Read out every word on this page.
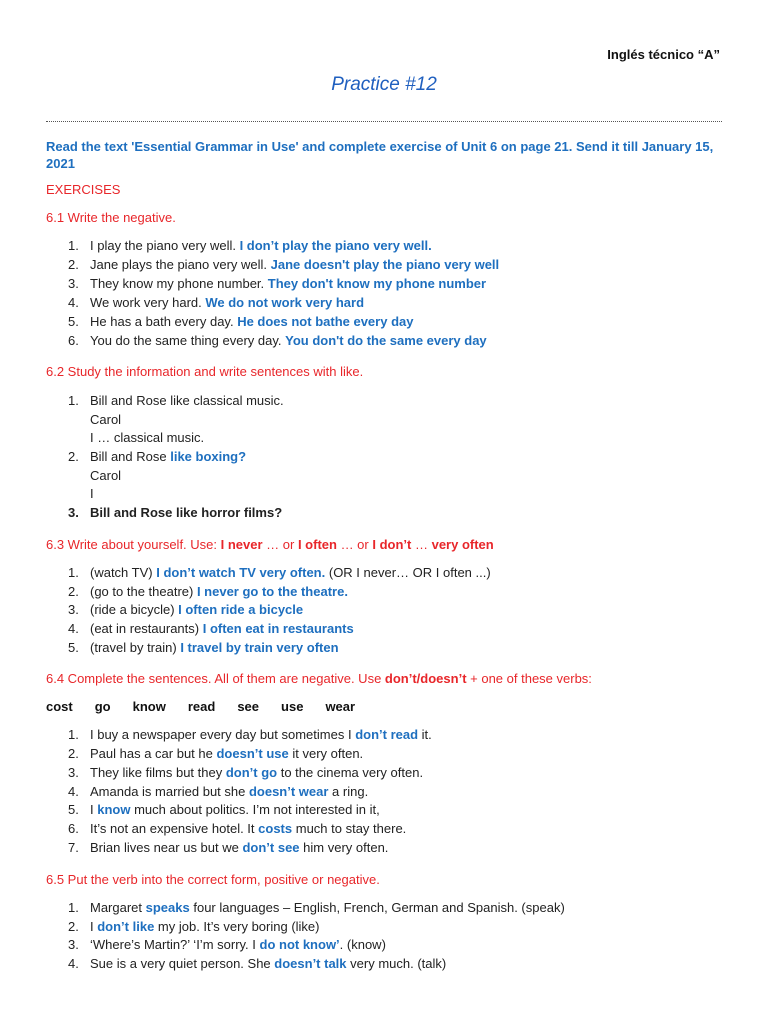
Inglés técnico “A”
Practice #12
Read the text 'Essential Grammar in Use' and complete exercise of Unit 6 on page 21. Send it till January 15, 2021
EXERCISES
6.1 Write the negative.
1. I play the piano very well. I don’t play the piano very well.
2. Jane plays the piano very well. Jane doesn't play the piano very well
3. They know my phone number. They don't know my phone number
4. We work very hard. We do not work very hard
5. He has a bath every day. He does not bathe every day
6. You do the same thing every day. You don't do the same every day
6.2 Study the information and write sentences with like.
1. Bill and Rose like classical music.
Carol
I … classical music.
2. Bill and Rose like boxing?
Carol
I
3. Bill and Rose like horror films?
6.3 Write about yourself. Use: I never … or I often … or I don’t … very often
1. (watch TV) I don’t watch TV very often. (OR I never… OR I often ...)
2. (go to the theatre) I never go to the theatre.
3. (ride a bicycle) I often ride a bicycle
4. (eat in restaurants) I often eat in restaurants
5. (travel by train) I travel by train very often
6.4 Complete the sentences. All of them are negative. Use don’t/doesn’t + one of these verbs:
cost go know read see use wear
1. I buy a newspaper every day but sometimes I don’t read it.
2. Paul has a car but he doesn’t use it very often.
3. They like films but they don’t go to the cinema very often.
4. Amanda is married but she doesn’t wear a ring.
5. I know much about politics. I’m not interested in it,
6. It’s not an expensive hotel. It costs much to stay there.
7. Brian lives near us but we don’t see him very often.
6.5 Put the verb into the correct form, positive or negative.
1. Margaret speaks four languages – English, French, German and Spanish. (speak)
2. I don’t like my job. It’s very boring (like)
3. ‘Where’s Martin?’ ‘I’m sorry. I do not know’. (know)
4. Sue is a very quiet person. She doesn’t talk very much. (talk)
